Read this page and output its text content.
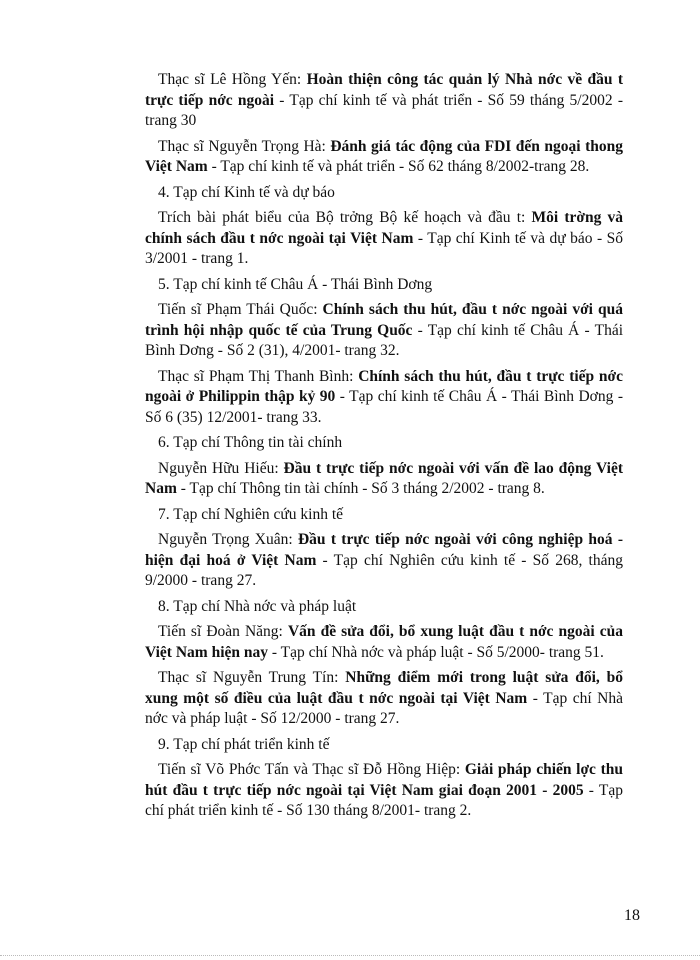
Thạc sĩ Lê Hồng Yến: Hoàn thiện công tác quản lý Nhà nớc về đầu t trực tiếp nớc ngoài - Tạp chí kinh tế và phát triển - Số 59 tháng 5/2002 - trang 30

Thạc sĩ Nguyễn Trọng Hà: Đánh giá tác động của FDI đến ngoại thong Việt Nam - Tạp chí kinh tế và phát triển - Số 62 tháng 8/2002-trang 28.

4. Tạp chí Kinh tế và dự báo

Trích bài phát biểu của Bộ trởng Bộ kế hoạch và đầu t: Môi trờng và chính sách đầu t nớc ngoài tại Việt Nam - Tạp chí Kinh tế và dự báo - Số 3/2001 - trang 1.

5. Tạp chí kinh tế Châu Á - Thái Bình Dơng

Tiến sĩ Phạm Thái Quốc: Chính sách thu hút, đầu t nớc ngoài với quá trình hội nhập quốc tế của Trung Quốc - Tạp chí kinh tế Châu Á - Thái Bình Dơng - Số 2 (31), 4/2001- trang 32.

Thạc sĩ Phạm Thị Thanh Bình: Chính sách thu hút, đầu t trực tiếp nớc ngoài ở Philippin thập kỷ 90 - Tạp chí kinh tế Châu Á - Thái Bình Dơng - Số 6 (35) 12/2001- trang 33.

6. Tạp chí Thông tin tài chính

Nguyễn Hữu Hiếu: Đầu t trực tiếp nớc ngoài với vấn đề lao động Việt Nam - Tạp chí Thông tin tài chính - Số 3 tháng 2/2002 - trang 8.

7. Tạp chí Nghiên cứu kinh tế

Nguyễn Trọng Xuân: Đầu t trực tiếp nớc ngoài với công nghiệp hoá - hiện đại hoá ở Việt Nam - Tạp chí Nghiên cứu kinh tế - Số 268, tháng 9/2000 - trang 27.

8. Tạp chí Nhà nớc và pháp luật

Tiến sĩ Đoàn Năng: Vấn đề sửa đổi, bổ xung luật đầu t nớc ngoài của Việt Nam hiện nay - Tạp chí Nhà nớc và pháp luật - Số 5/2000- trang 51.

Thạc sĩ Nguyễn Trung Tín: Những điểm mới trong luật sửa đổi, bổ xung một số điều của luật đầu t nớc ngoài tại Việt Nam - Tạp chí Nhà nớc và pháp luật - Số 12/2000 - trang 27.

9. Tạp chí phát triển kinh tế

Tiến sĩ Võ Phớc Tấn và Thạc sĩ Đỗ Hồng Hiệp: Giải pháp chiến lợc thu hút đầu t trực tiếp nớc ngoài tại Việt Nam giai đoạn 2001 - 2005 - Tạp chí phát triển kinh tế - Số 130 tháng 8/2001- trang 2.

18
